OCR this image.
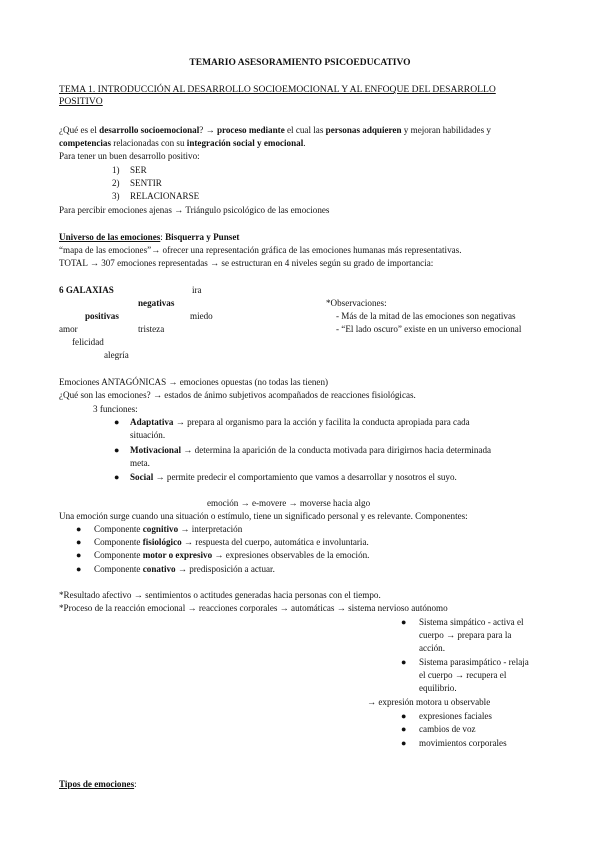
TEMARIO ASESORAMIENTO PSICOEDUCATIVO
TEMA 1. INTRODUCCIÓN AL DESARROLLO SOCIOEMOCIONAL Y AL ENFOQUE DEL DESARROLLO
POSITIVO
¿Qué es el desarrollo socioemocional? → proceso mediante el cual las personas adquieren y mejoran habilidades y
competencias relacionadas con su integración social y emocional.
Para tener un buen desarrollo positivo:
1) SER
2) SENTIR
3) RELACIONARSE
Para percibir emociones ajenas → Triángulo psicológico de las emociones
Universo de las emociones: Bisquerra y Punset
“mapa de las emociones”→ ofrecer una representación gráfica de las emociones humanas más representativas.
TOTAL → 307 emociones representadas → se estructuran en 4 niveles según su grado de importancia:
6 GALAXIAS	ira
negativas
positivas	miedo
amor	tristeza
felicidad
alegría
*Observaciones:
- Más de la mitad de las emociones son negativas
- “El lado oscuro” existe en un universo emocional
Emociones ANTAGÓNICAS → emociones opuestas (no todas las tienen)
¿Qué son las emociones? → estados de ánimo subjetivos acompañados de reacciones fisiológicas.
3 funciones:
● Adaptativa → prepara al organismo para la acción y facilita la conducta apropiada para cada
situación.
● Motivacional → determina la aparición de la conducta motivada para dirigirnos hacia determinada
meta.
● Social → permite predecir el comportamiento que vamos a desarrollar y nosotros el suyo.
emoción → e-movere → moverse hacia algo
Una emoción surge cuando una situación o estímulo, tiene un significado personal y es relevante. Componentes:
● Componente cognitivo → interpretación
● Componente fisiológico → respuesta del cuerpo, automática e involuntaria.
● Componente motor o expresivo → expresiones observables de la emoción.
● Componente conativo → predisposición a actuar.
*Resultado afectivo → sentimientos o actitudes generadas hacia personas con el tiempo.
*Proceso de la reacción emocional → reacciones corporales → automáticas → sistema nervioso autónomo
● Sistema simpático - activa el
cuerpo → prepara para la
acción.
● Sistema parasimpático - relaja
el cuerpo → recupera el
equilibrio.
→ expresión motora u observable
● expresiones faciales
● cambios de voz
● movimientos corporales
Tipos de emociones:
